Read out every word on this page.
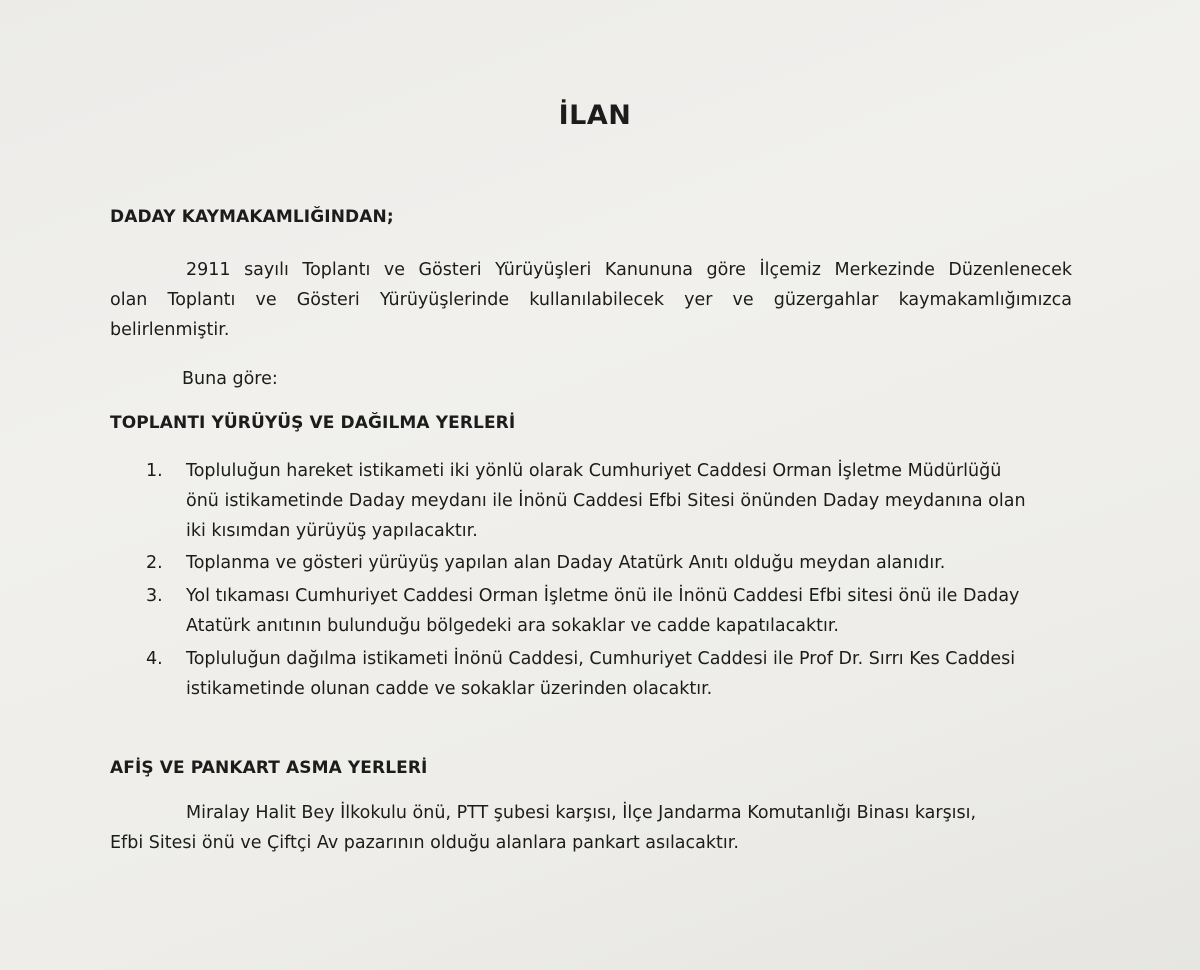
İLAN
DADAY KAYMAKAMLIĞINDAN;
2911 sayılı Toplantı ve Gösteri Yürüyüşleri Kanununa göre İlçemiz Merkezinde Düzenlenecek
olan Toplantı ve Gösteri Yürüyüşlerinde kullanılabilecek yer ve güzergahlar kaymakamlığımızca
belirlenmiştir.
Buna göre:
TOPLANTI YÜRÜYÜŞ VE DAĞILMA YERLERİ
1.	Topluluğun hareket istikameti iki yönlü olarak Cumhuriyet Caddesi Orman İşletme Müdürlüğü
önü istikametinde Daday meydanı ile İnönü Caddesi Efbi Sitesi önünden Daday meydanına olan
iki kısımdan yürüyüş yapılacaktır.
2.	Toplanma ve gösteri yürüyüş yapılan alan Daday Atatürk Anıtı olduğu meydan alanıdır.
3.	Yol tıkaması Cumhuriyet Caddesi Orman İşletme önü ile İnönü Caddesi Efbi sitesi önü ile Daday
Atatürk anıtının bulunduğu bölgedeki ara sokaklar ve cadde kapatılacaktır.
4.	Topluluğun dağılma istikameti İnönü Caddesi, Cumhuriyet Caddesi ile Prof Dr. Sırrı Kes Caddesi
istikametinde olunan cadde ve sokaklar üzerinden olacaktır.
AFİŞ VE PANKART ASMA YERLERİ
Miralay Halit Bey İlkokulu önü, PTT şubesi karşısı, İlçe Jandarma Komutanlığı Binası karşısı,
Efbi Sitesi önü ve Çiftçi Av pazarının olduğu alanlara pankart asılacaktır.
